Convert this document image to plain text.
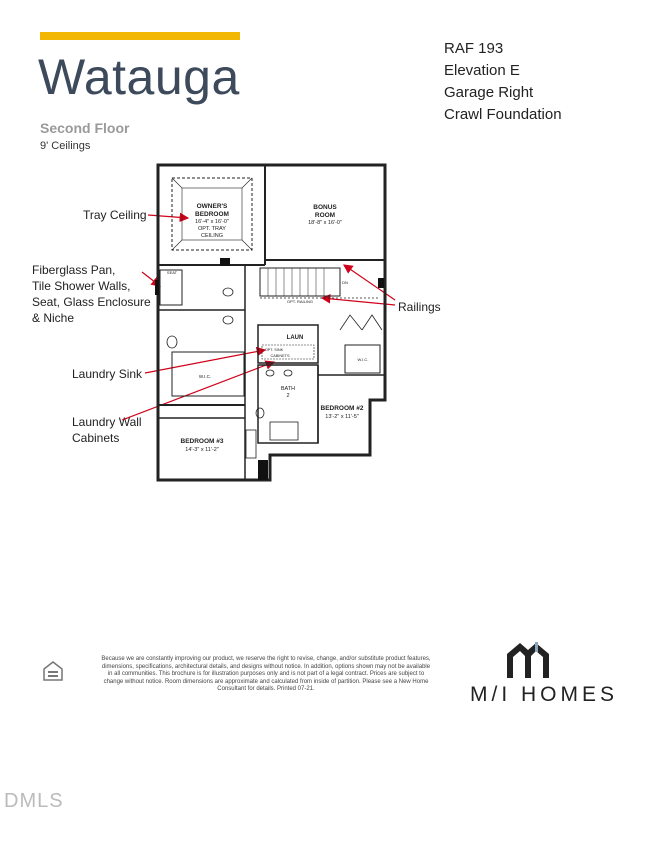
Watauga
Second Floor
9' Ceilings
RAF 193
Elevation E
Garage Right
Crawl Foundation
Tray Ceiling
Fiberglass Pan,
Tile Shower Walls,
Seat, Glass Enclosure
& Niche
Laundry Sink
Laundry Wall
Cabinets
Railings
OWNER'S
BEDROOM
16'-4" x 16'-0"
OPT. TRAY
CEILING
BONUS
ROOM
18'-8" x 16'-0"
SEAT
DN
OPT. RAILING
LAUN
OPT. SINK
CABINETS
W.I.C.
W.I.C.
BATH
2
BEDROOM #2
13'-2" x 11'-5"
BEDROOM #3
14'-3" x 11'-2"
Because we are constantly improving our product, we reserve the right to revise, change, and/or substitute product features, dimensions, specifications, architectural details, and designs without notice. In addition, options shown may not be available in all communities. This brochure is for illustration purposes only and is not part of a legal contract. Prices are subject to change without notice. Room dimensions are approximate and calculated from inside of partition. Please see a New Home Consultant for details. Printed 07-21.	M/I HOMES
DMLS
